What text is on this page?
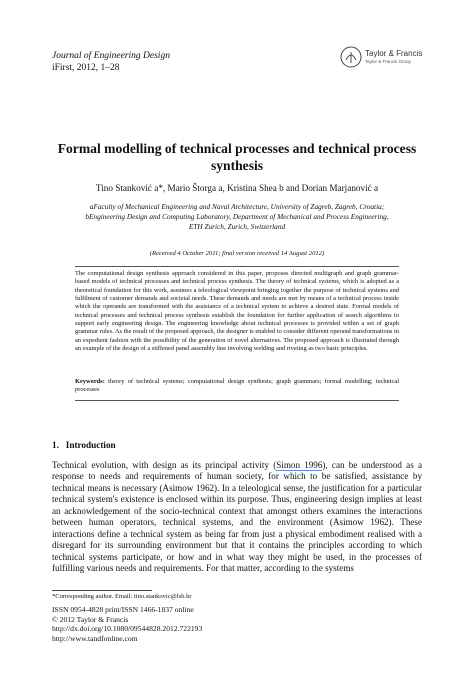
Journal of Engineering Design
iFirst, 2012, 1–28
Taylor & Francis
Taylor & Francis Group
Formal modelling of technical processes and technical process synthesis
Tino Stanković a*, Mario Štorga a, Kristina Shea b and Dorian Marjanović a
aFaculty of Mechanical Engineering and Naval Architecture, University of Zagreb, Zagreb, Croatia;
bEngineering Design and Computing Laboratory, Department of Mechanical and Process Engineering,
ETH Zurich, Zurich, Switzerland
(Received 4 October 2011; final version received 14 August 2012)
The computational design synthesis approach considered in this paper, proposes directed multigraph and graph grammar-based models of technical processes and technical process synthesis. The theory of technical systems, which is adopted as a theoretical foundation for this work, assumes a teleological viewpoint bringing together the purpose of technical systems and fulfilment of customer demands and societal needs. These demands and needs are met by means of a technical process inside which the operands are transformed with the assistance of a technical system to achieve a desired state. Formal models of technical processes and technical process synthesis establish the foundation for further application of search algorithms to support early engineering design. The engineering knowledge about technical processes is provided within a set of graph grammar rules. As the result of the proposed approach, the designer is enabled to consider different operand transformations in an expedient fashion with the possibility of the generation of novel alternatives. The proposed approach is illustrated through an example of the design of a stiffened panel assembly line involving welding and riveting as two basic principles.
Keywords: theory of technical systems; computational design synthesis; graph grammars; formal modelling; technical processes
1. Introduction
Technical evolution, with design as its principal activity (Simon 1996), can be understood as a response to needs and requirements of human society, for which to be satisfied, assistance by technical means is necessary (Asimow 1962). In a teleological sense, the justification for a particular technical system's existence is enclosed within its purpose. Thus, engineering design implies at least an acknowledgement of the socio-technical context that amongst others examines the interactions between human operators, technical systems, and the environment (Asimow 1962). These interactions define a technical system as being far from just a physical embodiment realised with a disregard for its surrounding environment but that it contains the principles according to which technical systems participate, or how and in what way they might be used, in the processes of fulfilling various needs and requirements. For that matter, according to the systems
*Corresponding author. Email: tino.stankovic@fsb.hr
ISSN 0954-4828 print/ISSN 1466-1837 online
© 2012 Taylor & Francis
http://dx.doi.org/10.1080/09544828.2012.722193
http://www.tandfonline.com
